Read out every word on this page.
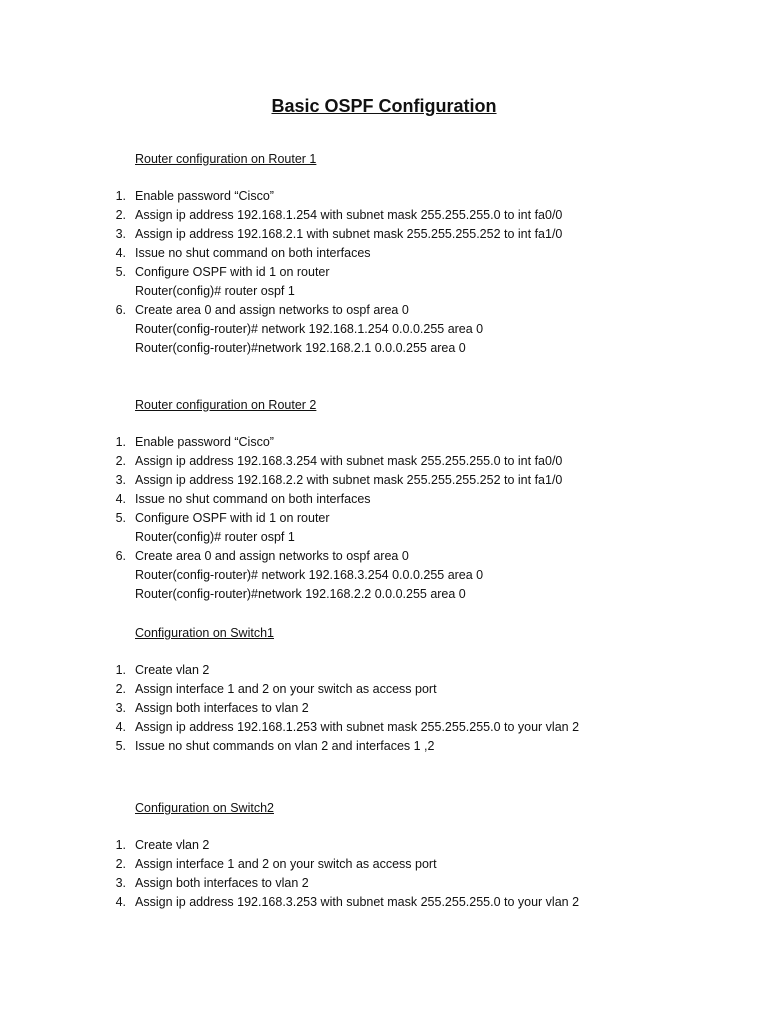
Basic OSPF Configuration
Router configuration on Router 1
1. Enable password “Cisco”
2. Assign ip address 192.168.1.254 with subnet mask 255.255.255.0 to int fa0/0
3. Assign ip address 192.168.2.1 with subnet mask 255.255.255.252 to int fa1/0
4. Issue no shut command on both interfaces
5. Configure OSPF with id 1 on router
Router(config)# router ospf 1
6. Create area 0 and assign networks to ospf area 0
Router(config-router)# network 192.168.1.254 0.0.0.255 area 0
Router(config-router)#network 192.168.2.1 0.0.0.255 area 0
Router configuration on Router 2
1. Enable password “Cisco”
2. Assign ip address 192.168.3.254 with subnet mask 255.255.255.0 to int fa0/0
3. Assign ip address 192.168.2.2 with subnet mask 255.255.255.252 to int fa1/0
4. Issue no shut command on both interfaces
5. Configure OSPF with id 1 on router
Router(config)# router ospf 1
6. Create area 0 and assign networks to ospf area 0
Router(config-router)# network 192.168.3.254 0.0.0.255 area 0
Router(config-router)#network 192.168.2.2 0.0.0.255 area 0
Configuration on Switch1
1. Create vlan 2
2. Assign interface 1 and 2 on your switch as access port
3. Assign both interfaces to vlan 2
4. Assign ip address 192.168.1.253 with subnet mask 255.255.255.0 to your vlan 2
5. Issue no shut commands on vlan 2 and interfaces 1 ,2
Configuration on Switch2
1. Create vlan 2
2. Assign interface 1 and 2 on your switch as access port
3. Assign both interfaces to vlan 2
4. Assign ip address 192.168.3.253 with subnet mask 255.255.255.0 to your vlan 2
